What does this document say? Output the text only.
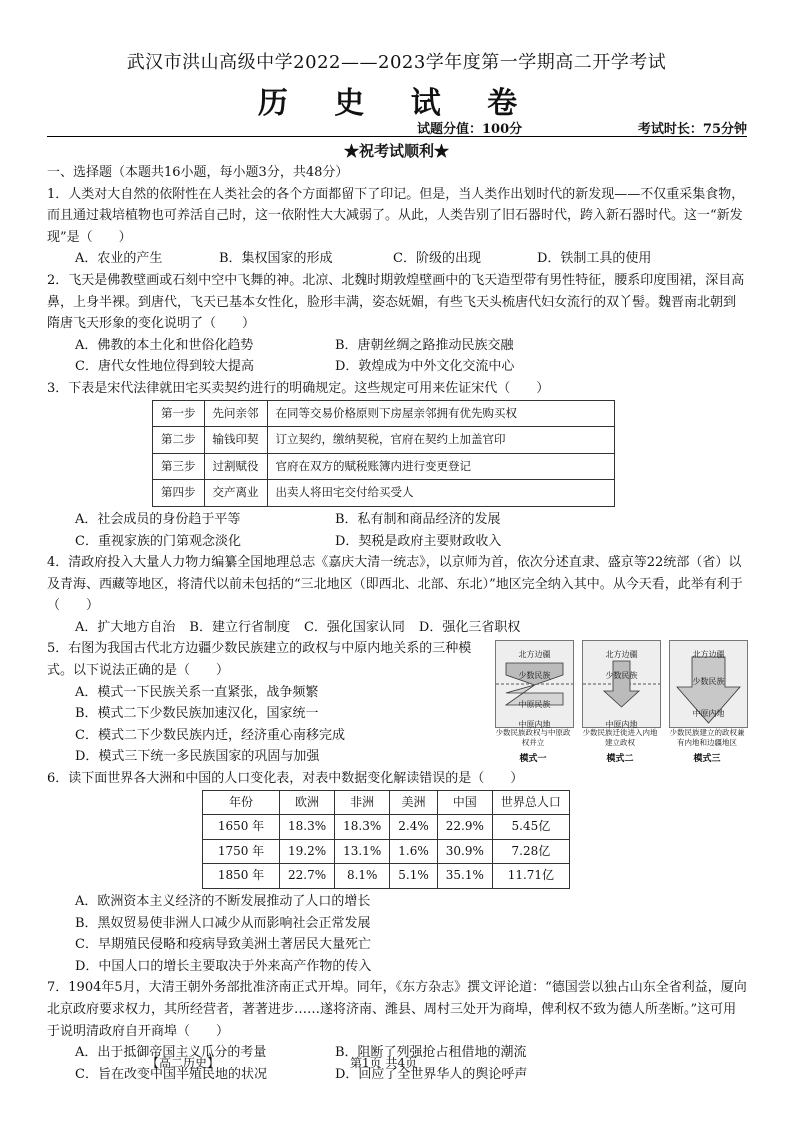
武汉市洪山高级中学2022——2023学年度第一学期高二开学考试
历 史 试 卷
试题分值：100分	考试时长：75分钟
★祝考试顺利★

一、选择题（本题共16小题，每小题3分，共48分）

1．人类对大自然的依附性在人类社会的各个方面都留下了印记。但是，当人类作出划时代的新发现——不仅重采集食物，而且通过栽培植物也可养活自己时，这一依附性大大减弱了。从此，人类告别了旧石器时代，跨入新石器时代。这一“新发现”是（　　）

A．农业的产生	B．集权国家的形成	C．阶级的出现	D．铁制工具的使用

2．飞天是佛教壁画或石刻中空中飞舞的神。北凉、北魏时期敦煌壁画中的飞天造型带有男性特征，腰系印度围裙，深目高鼻，上身半裸。到唐代，飞天已基本女性化，脸形丰满，姿态妩媚，有些飞天头梳唐代妇女流行的双丫髻。魏晋南北朝到隋唐飞天形象的变化说明了（　　）

A．佛教的本土化和世俗化趋势	B．唐朝丝绸之路推动民族交融
C．唐代女性地位得到较大提高	D．敦煌成为中外文化交流中心

3．下表是宋代法律就田宅买卖契约进行的明确规定。这些规定可用来佐证宋代（　　）

第一步	先问亲邻	在同等交易价格原则下房屋亲邻拥有优先购买权
第二步	输钱印契	订立契约，缴纳契税，官府在契约上加盖官印
第三步	过割赋役	官府在双方的赋税账簿内进行变更登记
第四步	交产离业	出卖人将田宅交付给买受人
A．社会成员的身份趋于平等	B．私有制和商品经济的发展
C．重视家族的门第观念淡化	D．契税是政府主要财政收入

4．清政府投入大量人力物力编纂全国地理总志《嘉庆大清一统志》，以京师为首，依次分述直隶、盛京等22统部（省）以及青海、西藏等地区，将清代以前未包括的“三北地区（即西北、北部、东北）”地区完全纳入其中。从今天看，此举有利于（　　）

A．扩大地方自治 B．建立行省制度 C．强化国家认同 D．强化三省职权

5．右图为我国古代北方边疆少数民族建立的政权与中原内地关系的三种模式。以下说法正确的是（　　）

A．模式一下民族关系一直紧张，战争频繁

B．模式二下少数民族加速汉化，国家统一

C．模式二下少数民族内迁，经济重心南移完成

D．模式三下统一多民族国家的巩固与加强

北方边疆
少数民族
中原民族
中原内地
北方边疆
少数民族
中原内地
北方边疆
少数民族
中原内地
少数民族政权与中原政权并立
少数民族迁徙进入内地建立政权
少数民族建立的政权兼有内地和边疆地区
模式一	模式二	模式三

6．读下面世界各大洲和中国的人口变化表，对表中数据变化解读错误的是（　　）

年份	欧洲	非洲	美洲	中国	世界总人口
1650 年	18.3%	18.3%	2.4%	22.9%	5.45亿
1750 年	19.2%	13.1%	1.6%	30.9%	7.28亿
1850 年	22.7%	8.1%	5.1%	35.1%	11.71亿

A．欧洲资本主义经济的不断发展推动了人口的增长

B．黑奴贸易使非洲人口减少从而影响社会正常发展

C．早期殖民侵略和疫病导致美洲土著居民大量死亡

D．中国人口的增长主要取决于外来高产作物的传入

7．1904年5月，大清王朝外务部批准济南正式开埠。同年，《东方杂志》撰文评论道：“德国尝以独占山东全省利益，厦向北京政府要求权力，其所经营者，著著进步……遂将济南、潍县、周村三处开为商埠，俾利权不致为德人所垄断。”这可用于说明清政府自开商埠（　　）

A．出于抵御帝国主义瓜分的考量	B．阻断了列强抢占租借地的潮流
C．旨在改变中国半殖民地的状况	D．回应了全世界华人的舆论呼声
【高二历史】	第1页 共4页
